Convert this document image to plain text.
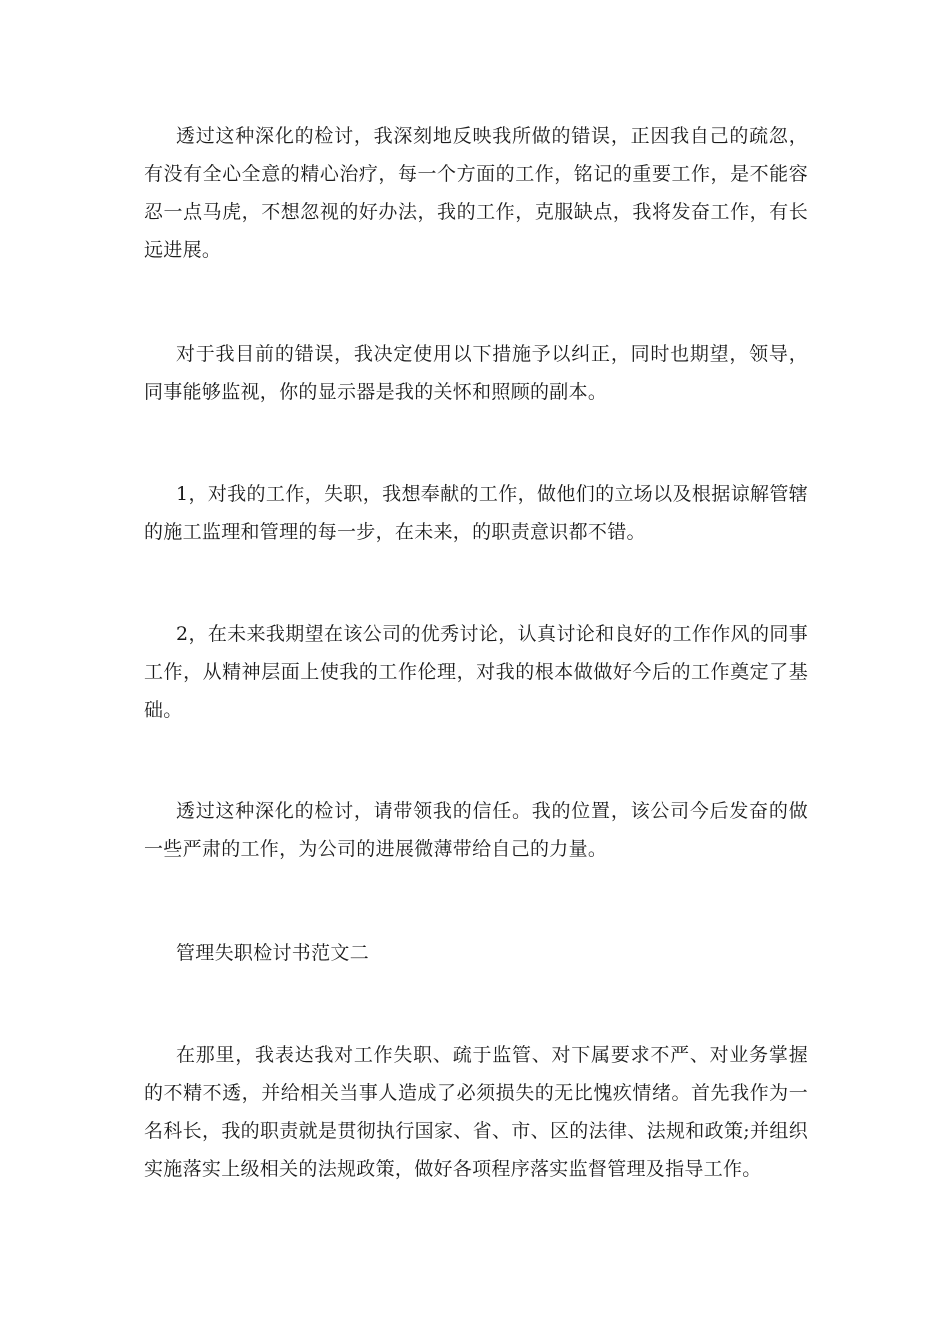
透过这种深化的检讨，我深刻地反映我所做的错误，正因我自己的疏忽，有没有全心全意的精心治疗，每一个方面的工作，铭记的重要工作，是不能容忍一点马虎，不想忽视的好办法，我的工作，克服缺点，我将发奋工作，有长远进展。

对于我目前的错误，我决定使用以下措施予以纠正，同时也期望，领导，同事能够监视，你的显示器是我的关怀和照顾的副本。

1，对我的工作，失职，我想奉献的工作，做他们的立场以及根据谅解管辖的施工监理和管理的每一步，在未来，的职责意识都不错。

2，在未来我期望在该公司的优秀讨论，认真讨论和良好的工作作风的同事工作，从精神层面上使我的工作伦理，对我的根本做做好今后的工作奠定了基础。

透过这种深化的检讨，请带领我的信任。我的位置，该公司今后发奋的做一些严肃的工作，为公司的进展微薄带给自己的力量。

管理失职检讨书范文二

在那里，我表达我对工作失职、疏于监管、对下属要求不严、对业务掌握的不精不透，并给相关当事人造成了必须损失的无比愧疚情绪。首先我作为一名科长，我的职责就是贯彻执行国家、省、市、区的法律、法规和政策;并组织实施落实上级相关的法规政策，做好各项程序落实监督管理及指导工作。
